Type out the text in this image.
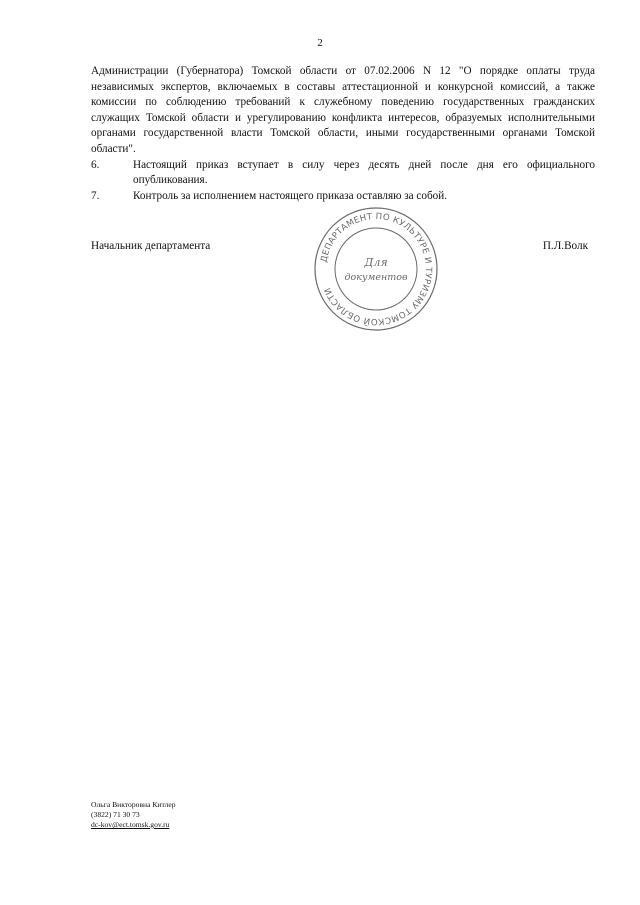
2

Администрации (Губернатора) Томской области от 07.02.2006 N 12 "О порядке оплаты труда независимых экспертов, включаемых в составы аттестационной и конкурсной комиссий, а также комиссии по соблюдению требований к служебному поведению государственных гражданских служащих Томской области и урегулированию конфликта интересов, образуемых исполнительными органами государственной власти Томской области, иными государственными органами Томской области".

6.	Настоящий приказ вступает в силу через десять дней после дня его официального опубликования.
7.	Контроль за исполнением настоящего приказа оставляю за собой.
Начальник департамента
ДЕПАРТАМЕНТ ПО КУЛЬТУРЕ И ТУРИЗМУ ТОМСКОЙ ОБЛАСТИ
Для
документов
П.Л.Волк
Ольга Викторовна Китлер
(3822) 71 30 73
dc-kov@ect.tomsk.gov.ru
